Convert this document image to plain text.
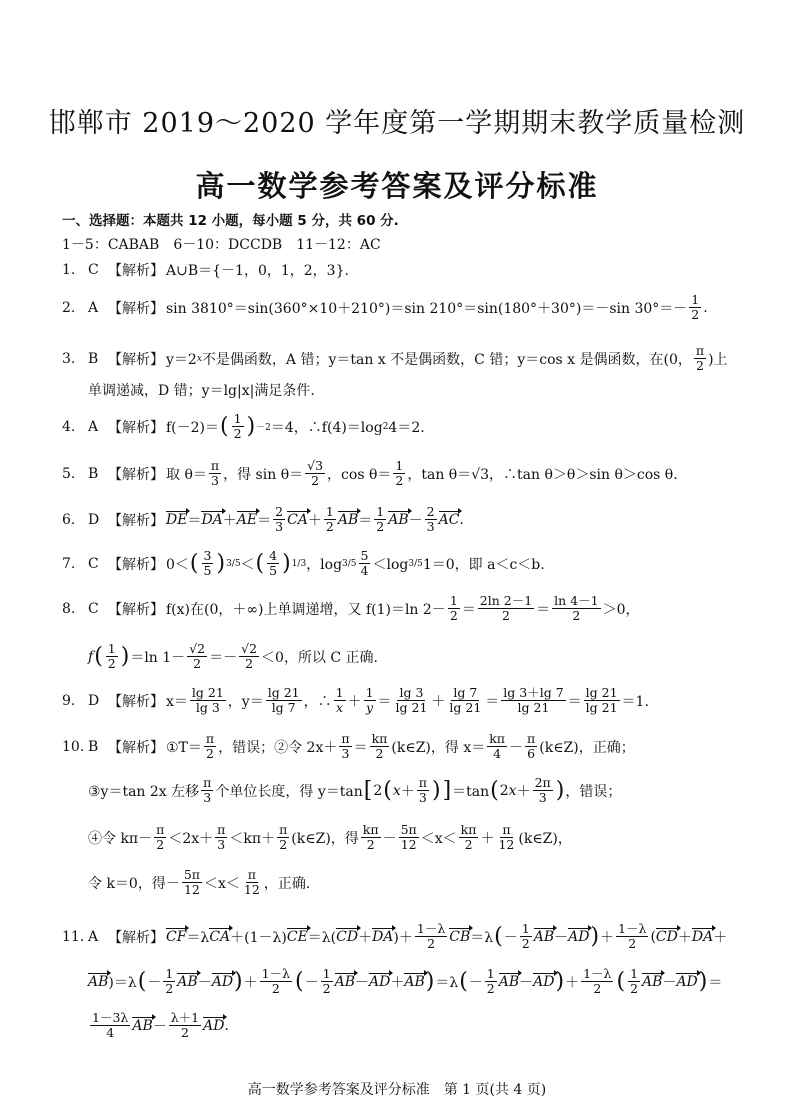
邯郸市 2019～2020 学年度第一学期期末教学质量检测
高一数学参考答案及评分标准
一、选择题：本题共 12 小题，每小题 5 分，共 60 分.
1－5：CABAB　6－10：DCCDB　11－12：AC
1. C 【解析】 A∪B＝{－1，0，1，2，3}.
2. A 【解析】 sin 3810°＝sin(360°×10＋210°)＝sin 210°＝sin(180°＋30°)＝－sin $30^\circ=- \frac{1}{2}$ .
3. B 【解析】 y＝2 x 不是偶函数，A 错；y＝tan x 不是偶函数，C 错；y＝cos x 是偶函数，在(0， $\frac{\pi}{2}$ )上
单调递减，D 错；y＝lg|x|满足条件.
4. A 【解析】 f(－2)＝ ( $\frac{1}{2}$ ) －2 ＝4，∴f(4)＝log 2 4＝2.
5. B 【解析】 取 $\theta= \frac{\pi}{3}$ ，得 $\sin \theta= \frac{√3}{2}$ ，$\cos \theta= \frac{1}{2}$ ，tan θ＝√3，∴tan θ＞θ＞sin θ＞cos θ.
6. D 【解析】 DE ＝ DA ＋ AE ＝ $\frac{2}{3}$ CA ＋ $\frac{1}{2}$ AB ＝ $\frac{1}{2}$ AB － $\frac{2}{3}$ AC .
7. C 【解析】 0＜ ( $\frac{3}{5}$ ) 3/5 ＜ ( $\frac{4}{5}$ ) 1/3 ，$\log 3/5 \frac{5}{4} <\log$ 3/5 1＝0，即 a＜c＜b.
8. C 【解析】 f(x)在(0，＋∞)上单调递增，又 f(1)＝ln $2- \frac{1}{2} = \frac{2\ln 2-1}{2} = \frac{\ln 4-1}{2} >0$，
f ( $\frac{1}{2}$ ) ＝ln $1- \frac{√2}{2} =- \frac{√2}{2} <0$，所以 C 正确.
9. D 【解析】 $x= \frac{\lg 21}{\lg 3}$ ，$y= \frac{\lg 21}{\lg 7}$ ，∴ $\frac{1}{x} + \frac{1}{y} = \frac{\lg 3}{\lg 21} + \frac{\lg 7}{\lg 21} = \frac{\lg 3+\lg 7}{\lg 21} = \frac{\lg 21}{\lg 21} =1$.
10. B 【解析】 ①T＝ $\frac{\pi}{2}$ ，错误；②令 $2x+ \frac{\pi}{3} = \frac{k\pi}{2}$ (k∈Z)，得 $x= \frac{k\pi}{4} - \frac{\pi}{6}$ (k∈Z)，正确；
③y＝tan 2x 左移 $\frac{\pi}{3}$ 个单位长度，得 y＝tan [ 2 ( $x + \frac{\pi}{3}$ ) ] ＝tan ( 2 $x + \frac{2\pi}{3}$ ) ，错误；
④令 $k\pi- \frac{\pi}{2} <2x+ \frac{\pi}{3} <k\pi+ \frac{\pi}{2}$ (k∈Z)，得 $\frac{k\pi}{2} - \frac{5\pi}{12} <x< \frac{k\pi}{2} + \frac{\pi}{12}$ (k∈Z)，
令 k＝0，得－ $\frac{5\pi}{12} <x< \frac{\pi}{12}$ ，正确.
11. A 【解析】 CF ＝λ CA ＋(1－λ) CE ＝λ( CD ＋ DA )＋ $\frac{1-\lambda}{2}$ CB ＝λ ( － $\frac{1}{2}$ AB － AD ) ＋ $\frac{1-\lambda}{2}$ ( CD ＋ DA ＋
AB )＝λ ( － $\frac{1}{2}$ AB － AD ) ＋ $\frac{1-\lambda}{2}$ ( － $\frac{1}{2}$ AB － AD ＋ AB ) ＝λ ( － $\frac{1}{2}$ AB － AD ) ＋ $\frac{1-\lambda}{2}$ ( $\frac{1}{2}$ AB － AD ) ＝
$\frac{1-3\lambda}{4}$ AB － $\frac{\lambda+1}{2}$ AD .
高一数学参考答案及评分标准　第 1 页(共 4 页)
